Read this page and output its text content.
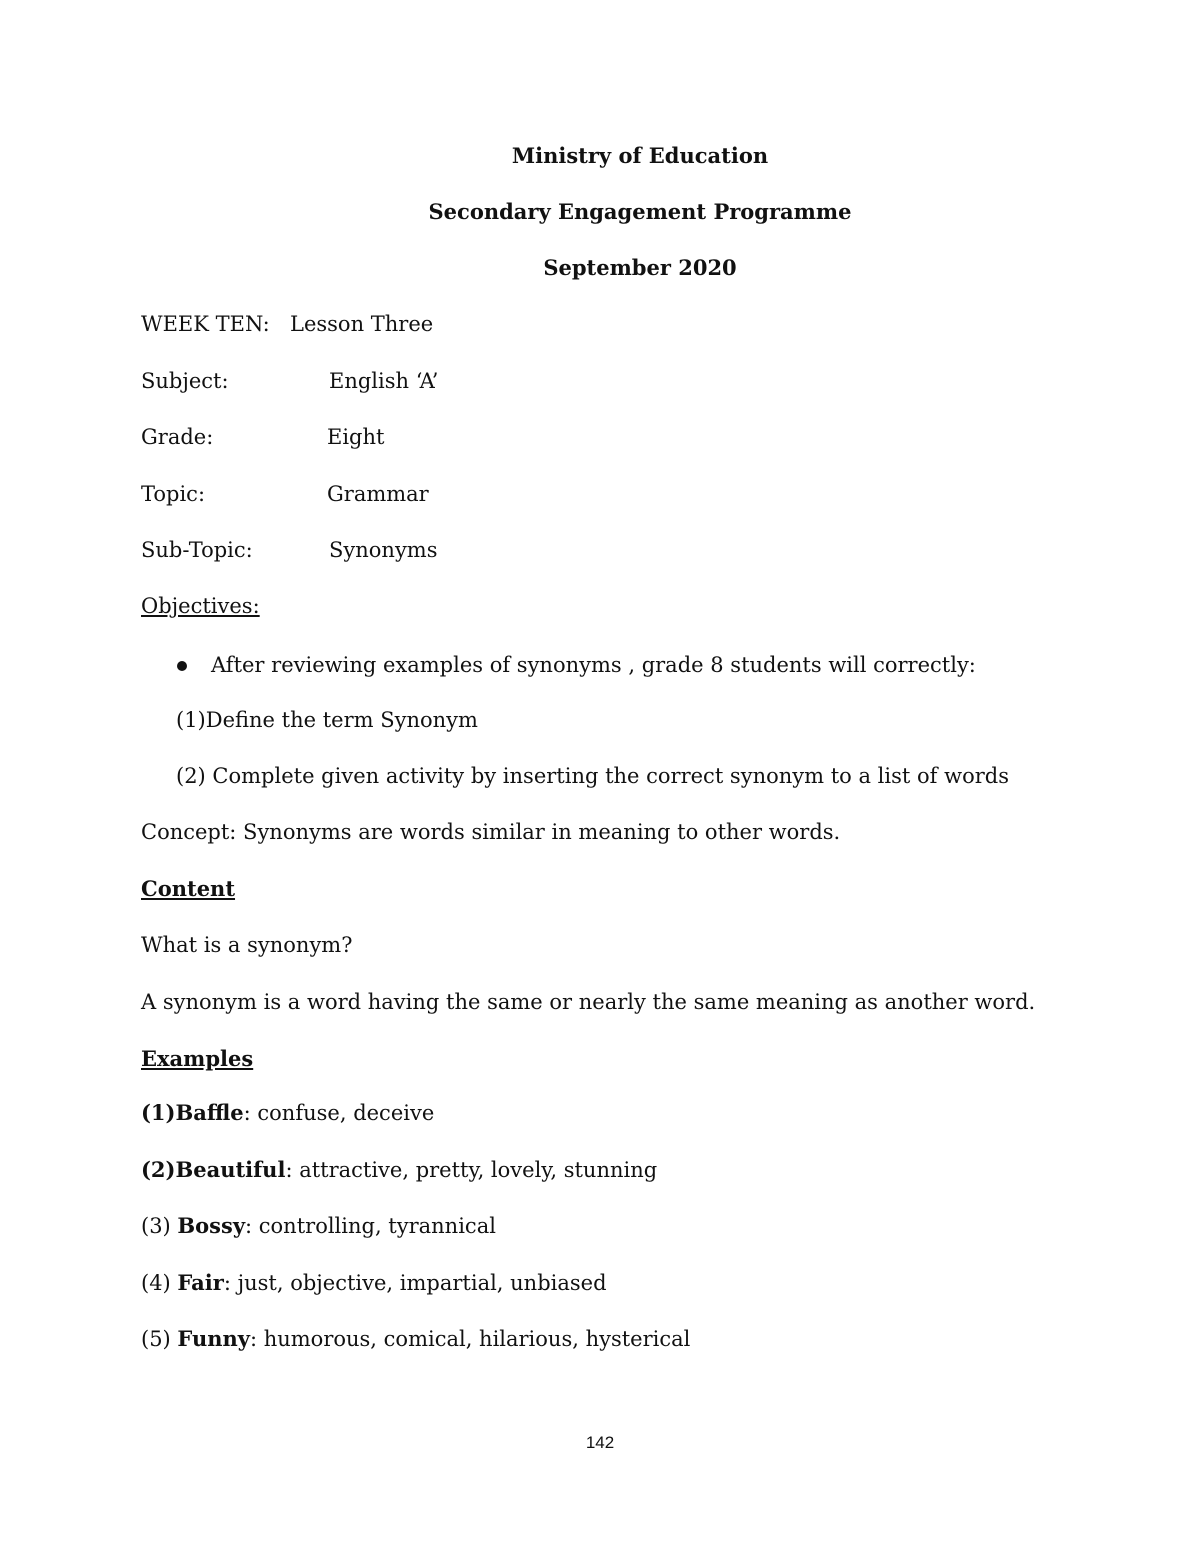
Ministry of Education
Secondary Engagement Programme
September 2020
WEEK TEN: Lesson Three
Subject:	English ‘A’
Grade:	Eight
Topic:	Grammar
Sub-Topic:	Synonyms
Objectives:
After reviewing examples of synonyms , grade 8 students will correctly:
(1)Define the term Synonym
(2) Complete given activity by inserting the correct synonym to a list of words
Concept: Synonyms are words similar in meaning to other words.
Content
What is a synonym?
A synonym is a word having the same or nearly the same meaning as another word.
Examples
(1)Baffle: confuse, deceive
(2)Beautiful: attractive, pretty, lovely, stunning
(3) Bossy: controlling, tyrannical
(4) Fair: just, objective, impartial, unbiased
(5) Funny: humorous, comical, hilarious, hysterical
142
